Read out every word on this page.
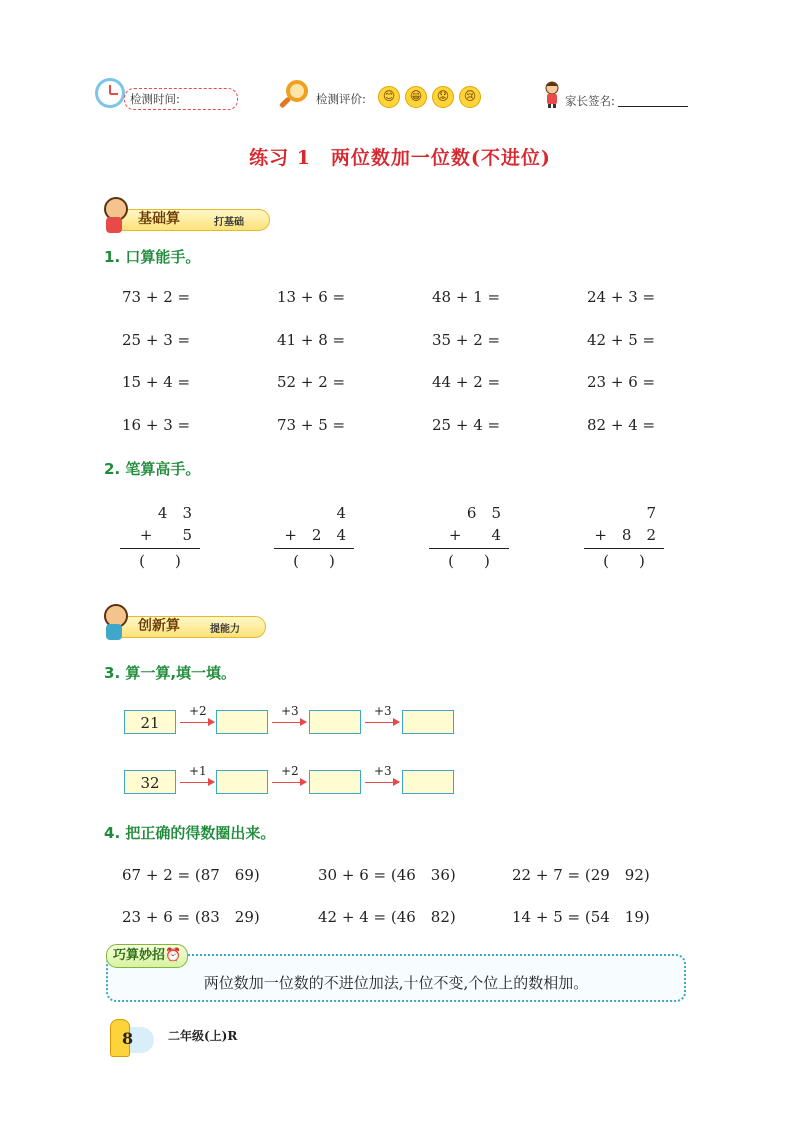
检测时间:	检测评价:	😊	😁	😟	😢	家长签名:
练习 1　两位数加一位数(不进位)
基础算	打基础
1. 口算能手。
73 + 2 =	13 + 6 =	48 + 1 =	24 + 3 =
25 + 3 =	41 + 8 =	35 + 2 =	42 + 5 =
15 + 4 =	52 + 2 =	44 + 2 =	23 + 6 =
16 + 3 =	73 + 5 =	25 + 4 =	82 + 4 =
2. 笔算高手。
4　3
+　　5
(　　)
4
+　2　4
(　　)
6　5
+　　4
(　　)
7
+　8　2
(　　)
创新算	提能力
3. 算一算,填一填。
21
+2	+3	+3
32
+1	+2	+3
4. 把正确的得数圈出来。
67 + 2 = (87　69)	30 + 6 = (46　36)	22 + 7 = (29　92)
23 + 6 = (83　29)	42 + 4 = (46　82)	14 + 5 = (54　19)
巧算妙招⏰
两位数加一位数的不进位加法,十位不变,个位上的数相加。
8	二年级(上)R
